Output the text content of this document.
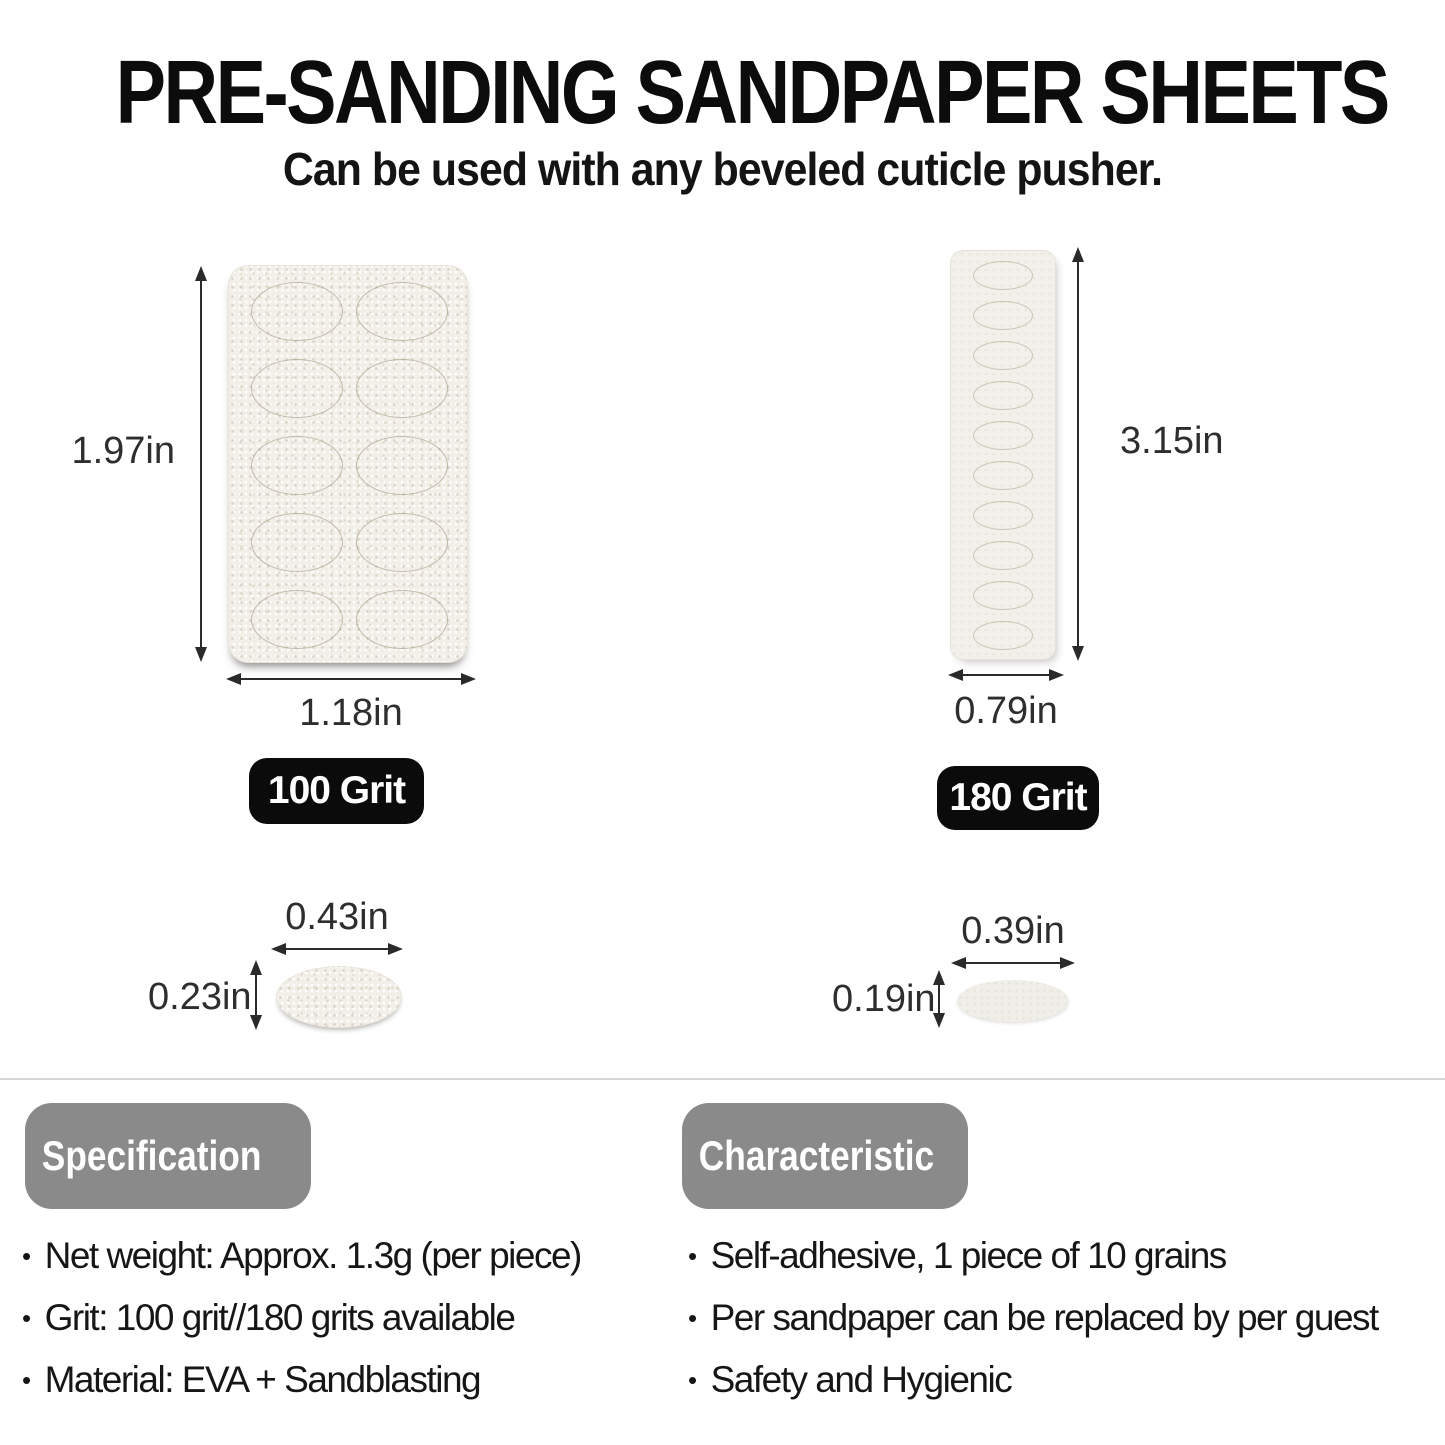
PRE-SANDING SANDPAPER SHEETS
Can be used with any beveled cuticle pusher.
1.97in
1.18in
100 Grit
3.15in
0.79in
180 Grit
0.43in
0.23in
0.39in
0.19in
Specification
• Net weight: Approx. 1.3g (per piece)
• Grit: 100 grit//180 grits available
• Material: EVA + Sandblasting
Characteristic
• Self-adhesive, 1 piece of 10 grains
• Per sandpaper can be replaced by per guest
• Safety and Hygienic
